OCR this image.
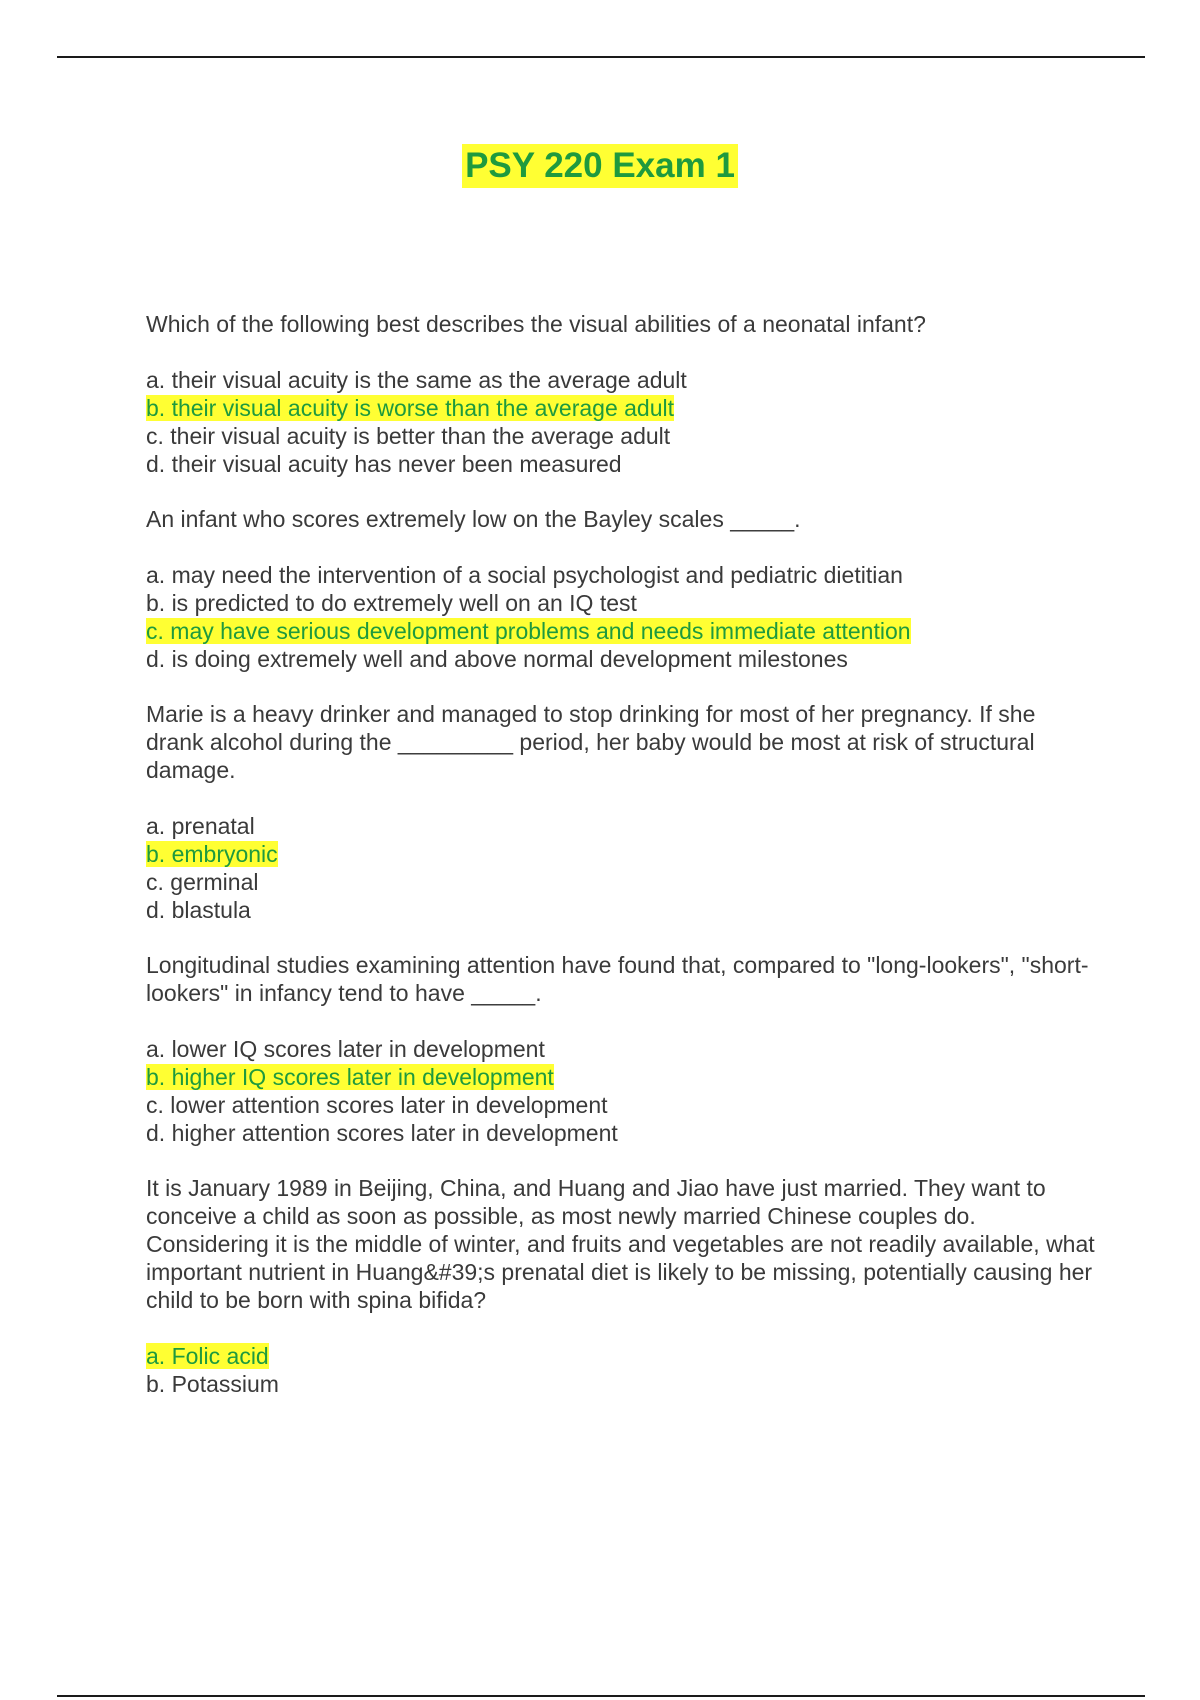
PSY 220 Exam 1

Which of the following best describes the visual abilities of a neonatal infant?

a. their visual acuity is the same as the average adult

b. their visual acuity is worse than the average adult

c. their visual acuity is better than the average adult

d. their visual acuity has never been measured

An infant who scores extremely low on the Bayley scales _____.

a. may need the intervention of a social psychologist and pediatric dietitian

b. is predicted to do extremely well on an IQ test

c. may have serious development problems and needs immediate attention

d. is doing extremely well and above normal development milestones

Marie is a heavy drinker and managed to stop drinking for most of her pregnancy. If she drank alcohol during the _________ period, her baby would be most at risk of structural damage.

a. prenatal

b. embryonic

c. germinal

d. blastula

Longitudinal studies examining attention have found that, compared to "long-lookers", "short-lookers" in infancy tend to have _____.

a. lower IQ scores later in development

b. higher IQ scores later in development

c. lower attention scores later in development

d. higher attention scores later in development

It is January 1989 in Beijing, China, and Huang and Jiao have just married. They want to conceive a child as soon as possible, as most newly married Chinese couples do. Considering it is the middle of winter, and fruits and vegetables are not readily available, what important nutrient in Huang&#39;s prenatal diet is likely to be missing, potentially causing her child to be born with spina bifida?

a. Folic acid

b. Potassium
